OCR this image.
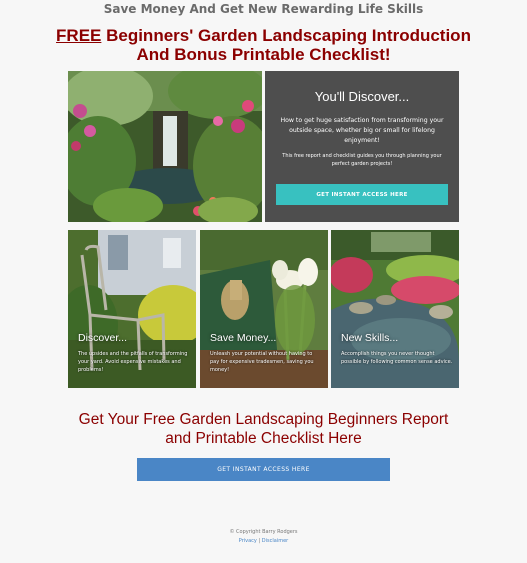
Save Money And Get New Rewarding Life Skills
FREE Beginners' Garden Landscaping Introduction
And Bonus Printable Checklist!
You'll Discover...
How to get huge satisfaction from transforming your outside space, whether big or small for lifelong enjoyment!
This free report and checklist guides you through planning your perfect garden projects!
GET INSTANT ACCESS HERE
Discover...

The upsides and the pitfalls of transforming your yard. Avoid expensive mistakes and problems!

Save Money...

Unleash your potential without having to pay for expensive tradesmen, saving you money!

New Skills...

Accomplish things you never thought possible by following common sense advice.

Get Your Free Garden Landscaping Beginners Report
and Printable Checklist Here
GET INSTANT ACCESS HERE
© Copyright Barry Rodgers
Privacy | Disclaimer
